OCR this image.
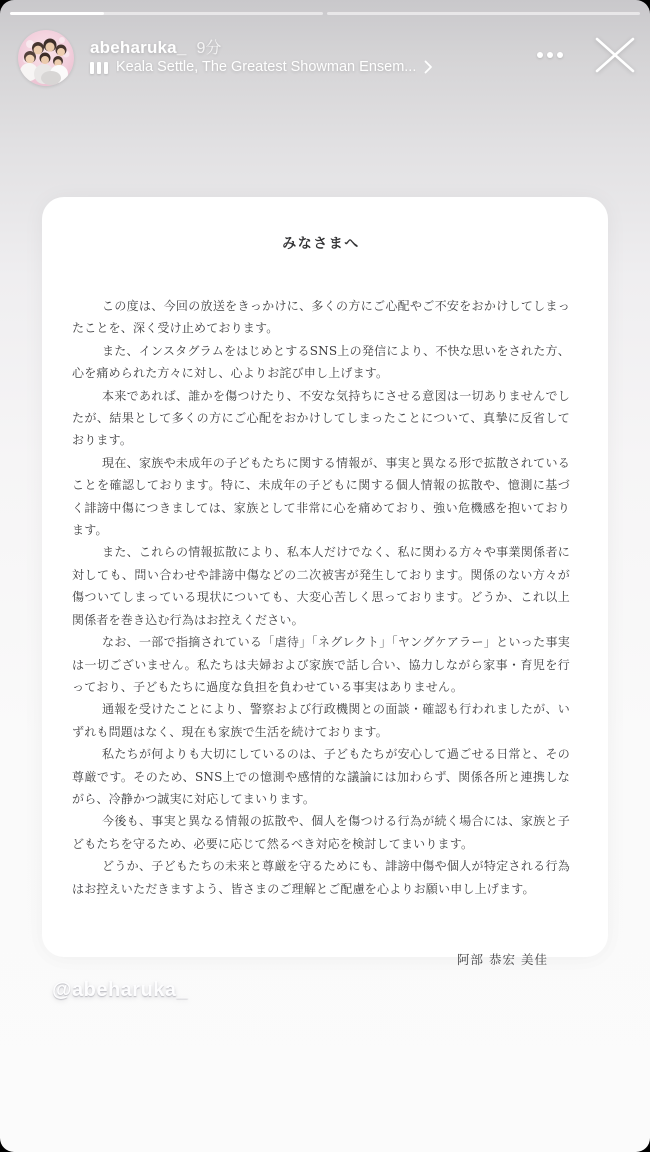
abeharuka_ 9分
Keala Settle, The Greatest Showman Ensem...
みなさまへ

この度は、今回の放送をきっかけに、多くの方にご心配やご不安をおかけしてしまったことを、深く受け止めております。

また、インスタグラムをはじめとするSNS上の発信により、不快な思いをされた方、心を痛められた方々に対し、心よりお詫び申し上げます。

本来であれば、誰かを傷つけたり、不安な気持ちにさせる意図は一切ありませんでしたが、結果として多くの方にご心配をおかけしてしまったことについて、真摯に反省しております。

現在、家族や未成年の子どもたちに関する情報が、事実と異なる形で拡散されていることを確認しております。特に、未成年の子どもに関する個人情報の拡散や、憶測に基づく誹謗中傷につきましては、家族として非常に心を痛めており、強い危機感を抱いております。

また、これらの情報拡散により、私本人だけでなく、私に関わる方々や事業関係者に対しても、問い合わせや誹謗中傷などの二次被害が発生しております。関係のない方々が傷ついてしまっている現状についても、大変心苦しく思っております。どうか、これ以上関係者を巻き込む行為はお控えください。

なお、一部で指摘されている「虐待」「ネグレクト」「ヤングケアラー」といった事実は一切ございません。私たちは夫婦および家族で話し合い、協力しながら家事・育児を行っており、子どもたちに過度な負担を負わせている事実はありません。

通報を受けたことにより、警察および行政機関との面談・確認も行われましたが、いずれも問題はなく、現在も家族で生活を続けております。

私たちが何よりも大切にしているのは、子どもたちが安心して過ごせる日常と、その尊厳です。そのため、SNS上での憶測や感情的な議論には加わらず、関係各所と連携しながら、冷静かつ誠実に対応してまいります。

今後も、事実と異なる情報の拡散や、個人を傷つける行為が続く場合には、家族と子どもたちを守るため、必要に応じて然るべき対応を検討してまいります。

どうか、子どもたちの未来と尊厳を守るためにも、誹謗中傷や個人が特定される行為はお控えいただきますよう、皆さまのご理解とご配慮を心よりお願い申し上げます。

阿部 恭宏 美佳
@abeharuka_
